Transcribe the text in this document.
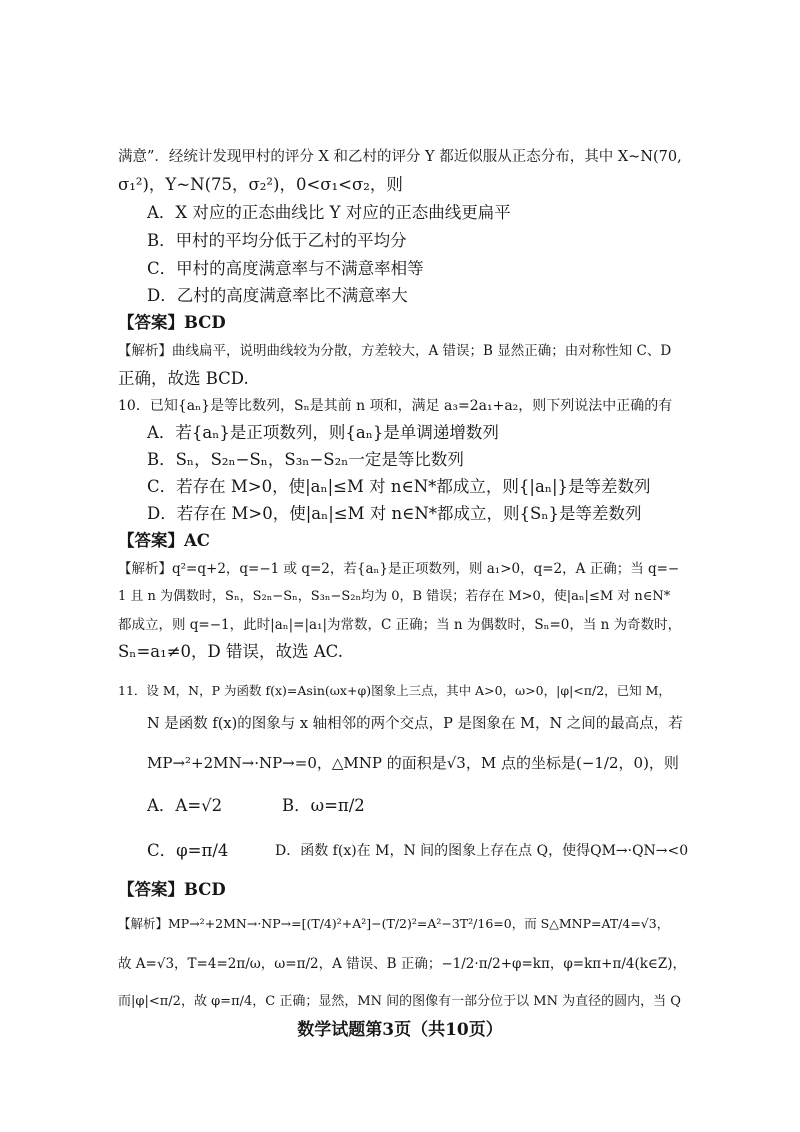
满意”．经统计发现甲村的评分 X 和乙村的评分 Y 都近似服从正态分布，其中 X~N(70,
σ₁²)，Y~N(75，σ₂²)，0<σ₁<σ₂，则
A．X 对应的正态曲线比 Y 对应的正态曲线更扁平
B．甲村的平均分低于乙村的平均分
C．甲村的高度满意率与不满意率相等
D．乙村的高度满意率比不满意率大
【答案】BCD
【解析】曲线扁平，说明曲线较为分散，方差较大，A 错误；B 显然正确；由对称性知 C、D
正确，故选 BCD.
10．已知{aₙ}是等比数列，Sₙ是其前 n 项和，满足 a₃=2a₁+a₂，则下列说法中正确的有
A．若{aₙ}是正项数列，则{aₙ}是单调递增数列
B．Sₙ，S₂ₙ−Sₙ，S₃ₙ−S₂ₙ一定是等比数列
C．若存在 M>0，使|aₙ|≤M 对 n∈N*都成立，则{|aₙ|}是等差数列
D．若存在 M>0，使|aₙ|≤M 对 n∈N*都成立，则{Sₙ}是等差数列
【答案】AC
【解析】q²=q+2，q=−1 或 q=2，若{aₙ}是正项数列，则 a₁>0，q=2，A 正确；当 q=−
1 且 n 为偶数时，Sₙ，S₂ₙ−Sₙ，S₃ₙ−S₂ₙ均为 0，B 错误；若存在 M>0，使|aₙ|≤M 对 n∈N*
都成立，则 q=−1，此时|aₙ|=|a₁|为常数，C 正确；当 n 为偶数时，Sₙ=0，当 n 为奇数时，
Sₙ=a₁≠0，D 错误，故选 AC.
11．设 M，N，P 为函数 f(x)=Asin(ωx+φ)图象上三点，其中 A>0，ω>0，|φ|<π/2，已知 M，
N 是函数 f(x)的图象与 x 轴相邻的两个交点，P 是图象在 M，N 之间的最高点，若
MP→²+2MN→·NP→=0，△MNP 的面积是√3，M 点的坐标是(−1/2，0)，则
A．A=√2	B．ω=π/2
C．φ=π/4	D．函数 f(x)在 M，N 间的图象上存在点 Q，使得QM→·QN→<0
【答案】BCD
【解析】MP→²+2MN→·NP→=[(T/4)²+A²]−(T/2)²=A²−3T²/16=0，而 S△MNP=AT/4=√3，
故 A=√3，T=4=2π/ω，ω=π/2，A 错误、B 正确；−1/2·π/2+φ=kπ，φ=kπ+π/4(k∈Z)，
而|φ|<π/2，故 φ=π/4，C 正确；显然，MN 间的图像有一部分位于以 MN 为直径的圆内，当 Q
数学试题第3页（共10页）
